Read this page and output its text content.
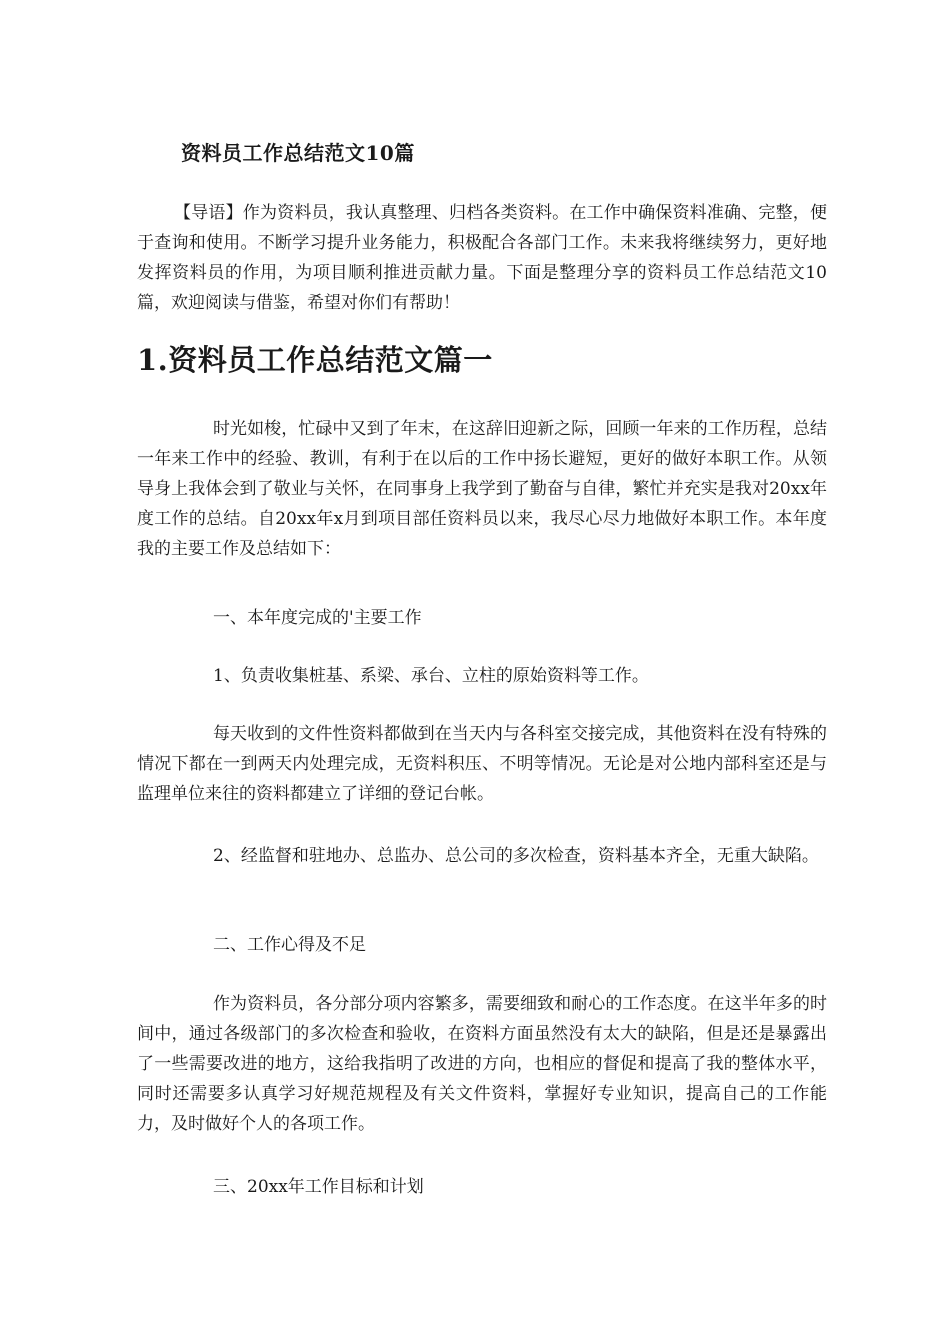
资料员工作总结范文10篇
【导语】作为资料员，我认真整理、归档各类资料。在工作中确保资料准确、完整，便于查询和使用。不断学习提升业务能力，积极配合各部门工作。未来我将继续努力，更好地发挥资料员的作用，为项目顺利推进贡献力量。下面是整理分享的资料员工作总结范文10篇，欢迎阅读与借鉴，希望对你们有帮助！
1.资料员工作总结范文篇一

时光如梭，忙碌中又到了年末，在这辞旧迎新之际，回顾一年来的工作历程，总结一年来工作中的经验、教训，有利于在以后的工作中扬长避短，更好的做好本职工作。从领导身上我体会到了敬业与关怀，在同事身上我学到了勤奋与自律，繁忙并充实是我对20xx年度工作的总结。自20xx年x月到项目部任资料员以来，我尽心尽力地做好本职工作。本年度我的主要工作及总结如下：

一、本年度完成的'主要工作

1、负责收集桩基、系梁、承台、立柱的原始资料等工作。

每天收到的文件性资料都做到在当天内与各科室交接完成，其他资料在没有特殊的情况下都在一到两天内处理完成，无资料积压、不明等情况。无论是对公地内部科室还是与监理单位来往的资料都建立了详细的登记台帐。

2、经监督和驻地办、总监办、总公司的多次检查，资料基本齐全，无重大缺陷。

二、工作心得及不足

作为资料员，各分部分项内容繁多，需要细致和耐心的工作态度。在这半年多的时间中，通过各级部门的多次检查和验收，在资料方面虽然没有太大的缺陷，但是还是暴露出了一些需要改进的地方，这给我指明了改进的方向，也相应的督促和提高了我的整体水平，同时还需要多认真学习好规范规程及有关文件资料，掌握好专业知识，提高自己的工作能力，及时做好个人的各项工作。

三、20xx年工作目标和计划
